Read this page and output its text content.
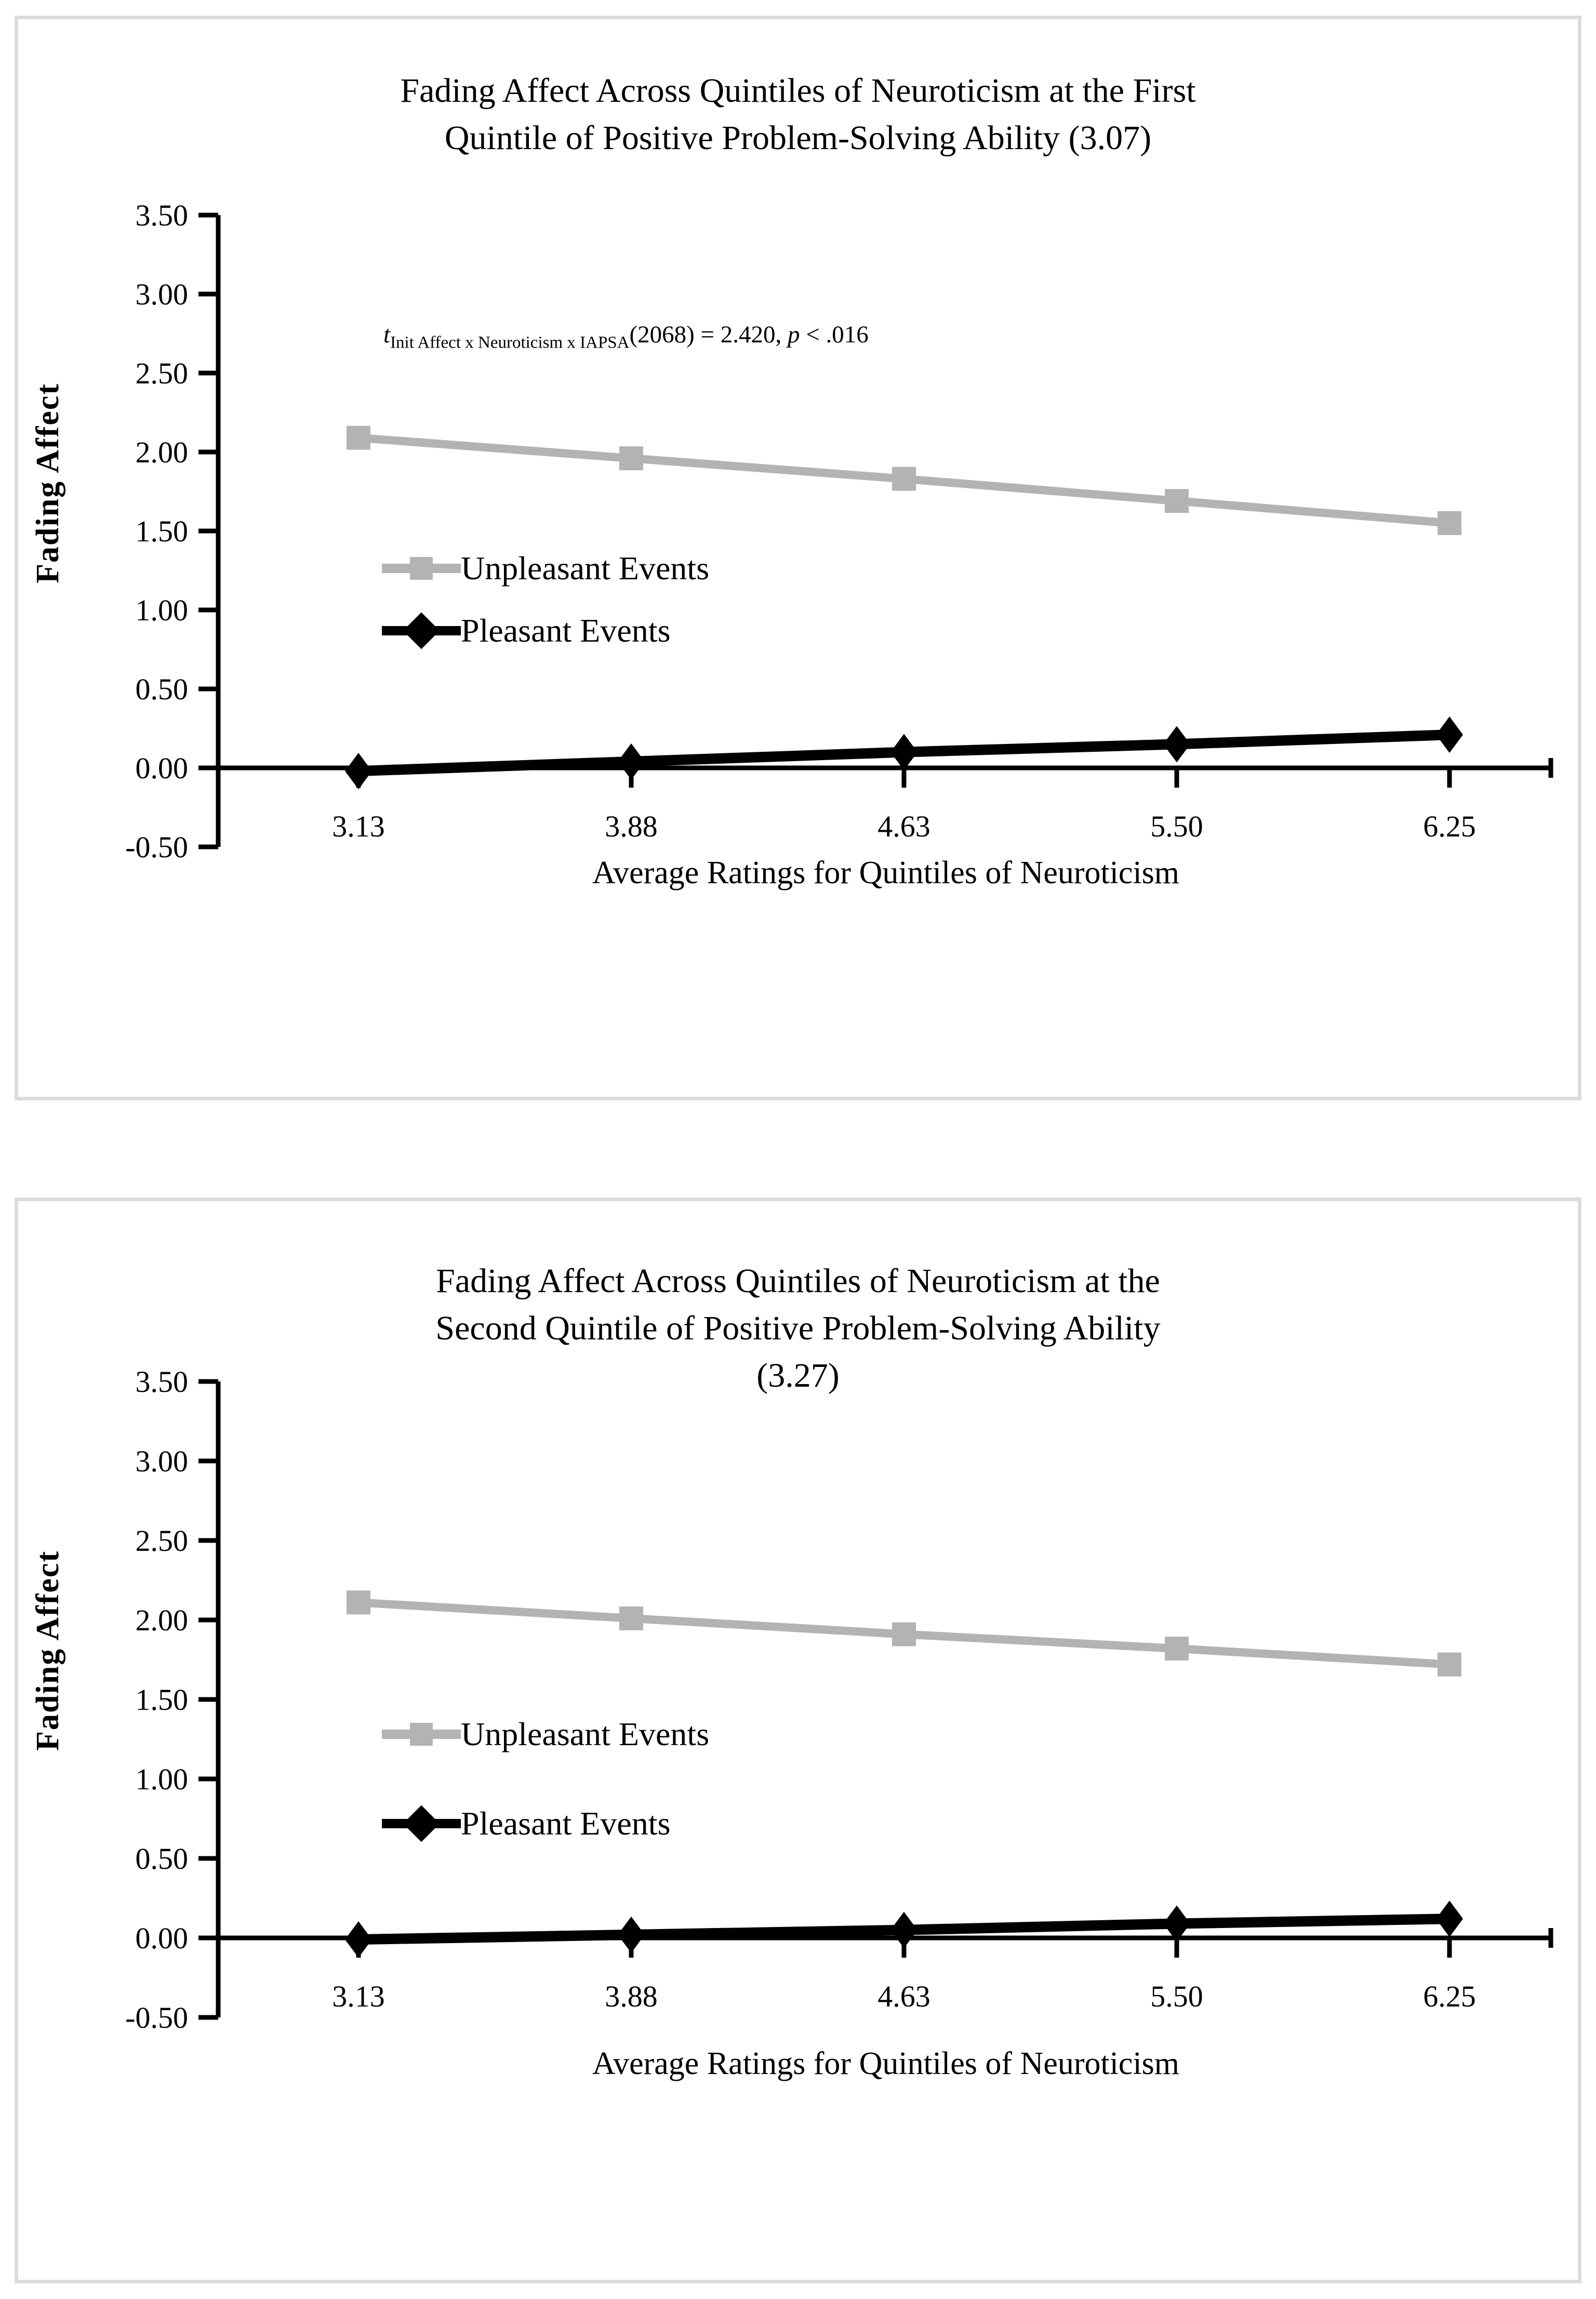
Fading Affect Across Quintiles of Neuroticism at the First
Quintile of Positive Problem-Solving Ability (3.07)
$t_{Init Affect x Neuroticism x IAPSA}(2068) = 2.420$, p < .016
Fading Affect
3.50
3.00
2.50
2.00
1.50
1.00
0.50
0.00
-0.50
3.13	3.88	4.63	5.50	6.25
Unpleasant Events
Pleasant Events
Average Ratings for Quintiles of Neuroticism
Fading Affect Across Quintiles of Neuroticism at the
Second Quintile of Positive Problem-Solving Ability
(3.27)
Fading Affect
3.50
3.00
2.50
2.00
1.50
1.00
0.50
0.00
-0.50
3.13	3.88	4.63	5.50	6.25
Unpleasant Events
Pleasant Events
Average Ratings for Quintiles of Neuroticism
